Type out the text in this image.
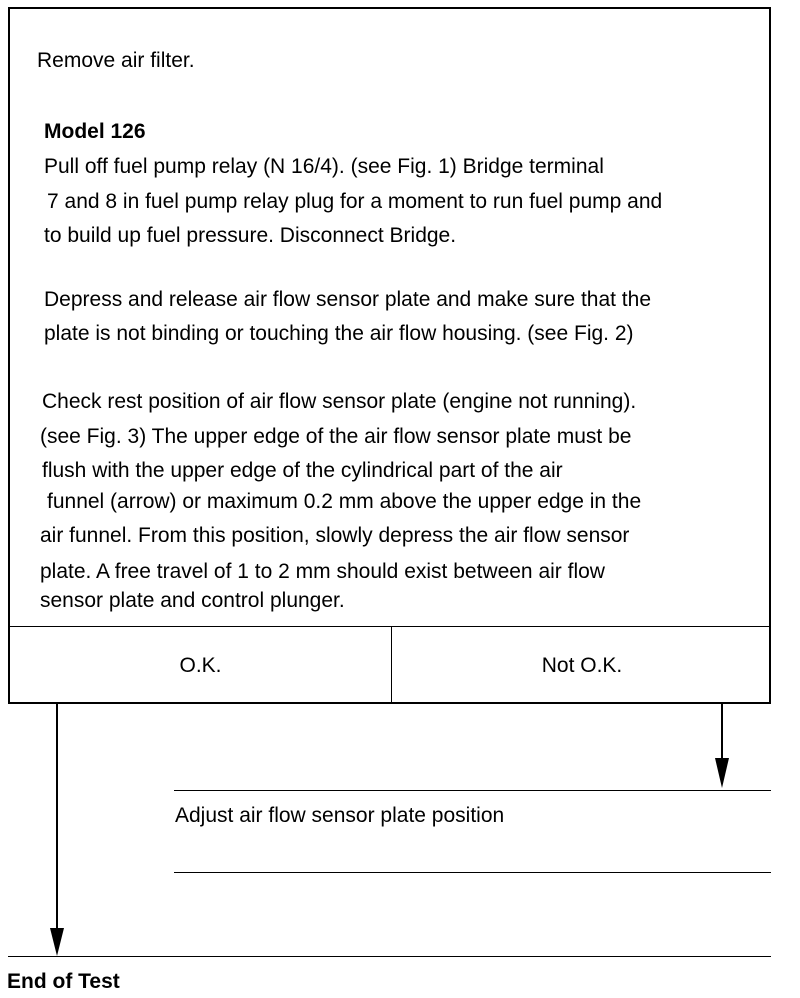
Remove air filter.
Model 126
Pull off fuel pump relay (N 16/4). (see Fig. 1) Bridge terminal
7 and 8 in fuel pump relay plug for a moment to run fuel pump and
to build up fuel pressure. Disconnect Bridge.
Depress and release air flow sensor plate and make sure that the
plate is not binding or touching the air flow housing. (see Fig. 2)
Check rest position of air flow sensor plate (engine not running).
(see Fig. 3) The upper edge of the air flow sensor plate must be
flush with the upper edge of the cylindrical part of the air
funnel (arrow) or maximum 0.2 mm above the upper edge in the
air funnel. From this position, slowly depress the air flow sensor
plate. A free travel of 1 to 2 mm should exist between air flow
sensor plate and control plunger.
O.K.	Not O.K.
Adjust air flow sensor plate position
End of Test
